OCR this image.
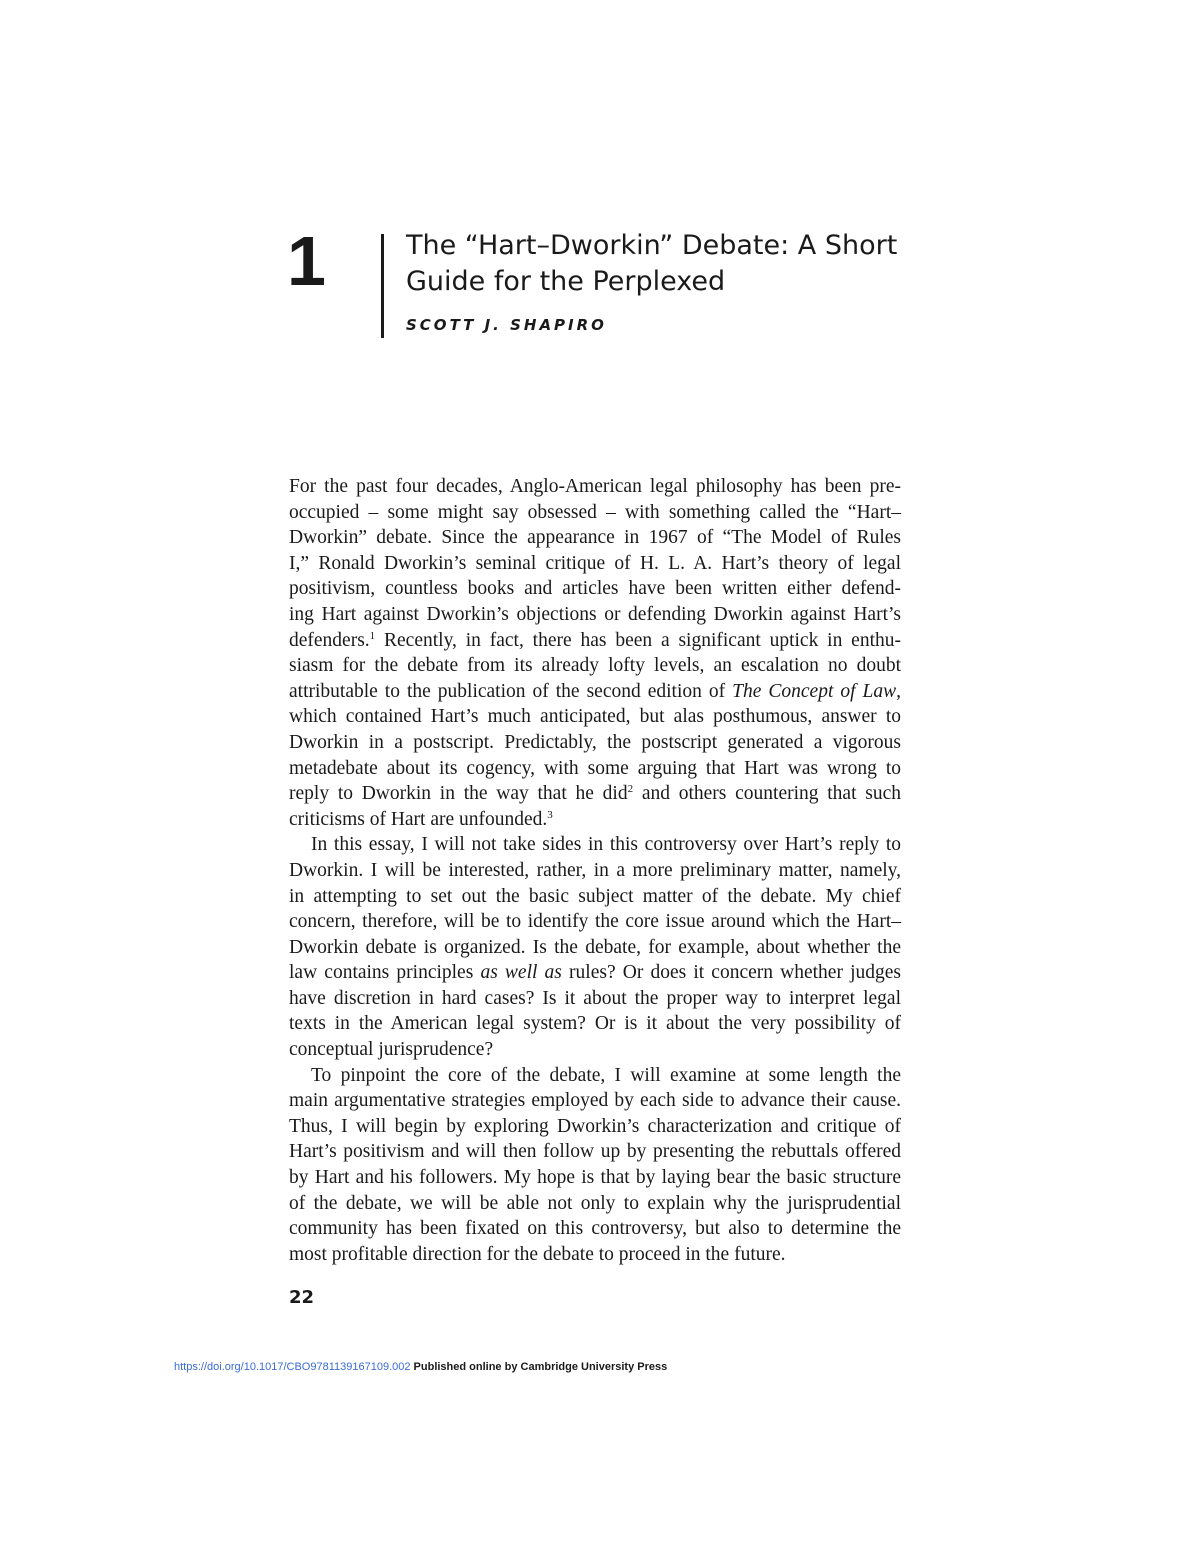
1	The “Hart–Dworkin” Debate: A Short
Guide for the Perplexed
SCOTT J. SHAPIRO
For the past four decades, Anglo-American legal philosophy has been pre-
occupied – some might say obsessed – with something called the “Hart–
Dworkin” debate. Since the appearance in 1967 of “The Model of Rules
I,” Ronald Dworkin’s seminal critique of H. L. A. Hart’s theory of legal
positivism, countless books and articles have been written either defend-
ing Hart against Dworkin’s objections or defending Dworkin against Hart’s
defenders.$^1$ Recently, in fact, there has been a significant uptick in enthu-
siasm for the debate from its already lofty levels, an escalation no doubt
attributable to the publication of the second edition of The Concept of Law,
which contained Hart’s much anticipated, but alas posthumous, answer to
Dworkin in a postscript. Predictably, the postscript generated a vigorous
metadebate about its cogency, with some arguing that Hart was wrong to
reply to Dworkin in the way that he did$^2$ and others countering that such
criticisms of Hart are unfounded.$^3$
In this essay, I will not take sides in this controversy over Hart’s reply to
Dworkin. I will be interested, rather, in a more preliminary matter, namely,
in attempting to set out the basic subject matter of the debate. My chief
concern, therefore, will be to identify the core issue around which the Hart–
Dworkin debate is organized. Is the debate, for example, about whether the
law contains principles as well as rules? Or does it concern whether judges
have discretion in hard cases? Is it about the proper way to interpret legal
texts in the American legal system? Or is it about the very possibility of
conceptual jurisprudence?
To pinpoint the core of the debate, I will examine at some length the
main argumentative strategies employed by each side to advance their cause.
Thus, I will begin by exploring Dworkin’s characterization and critique of
Hart’s positivism and will then follow up by presenting the rebuttals offered
by Hart and his followers. My hope is that by laying bear the basic structure
of the debate, we will be able not only to explain why the jurisprudential
community has been fixated on this controversy, but also to determine the
most profitable direction for the debate to proceed in the future.
22
https://doi.org/10.1017/CBO9781139167109.002 Published online by Cambridge University Press
